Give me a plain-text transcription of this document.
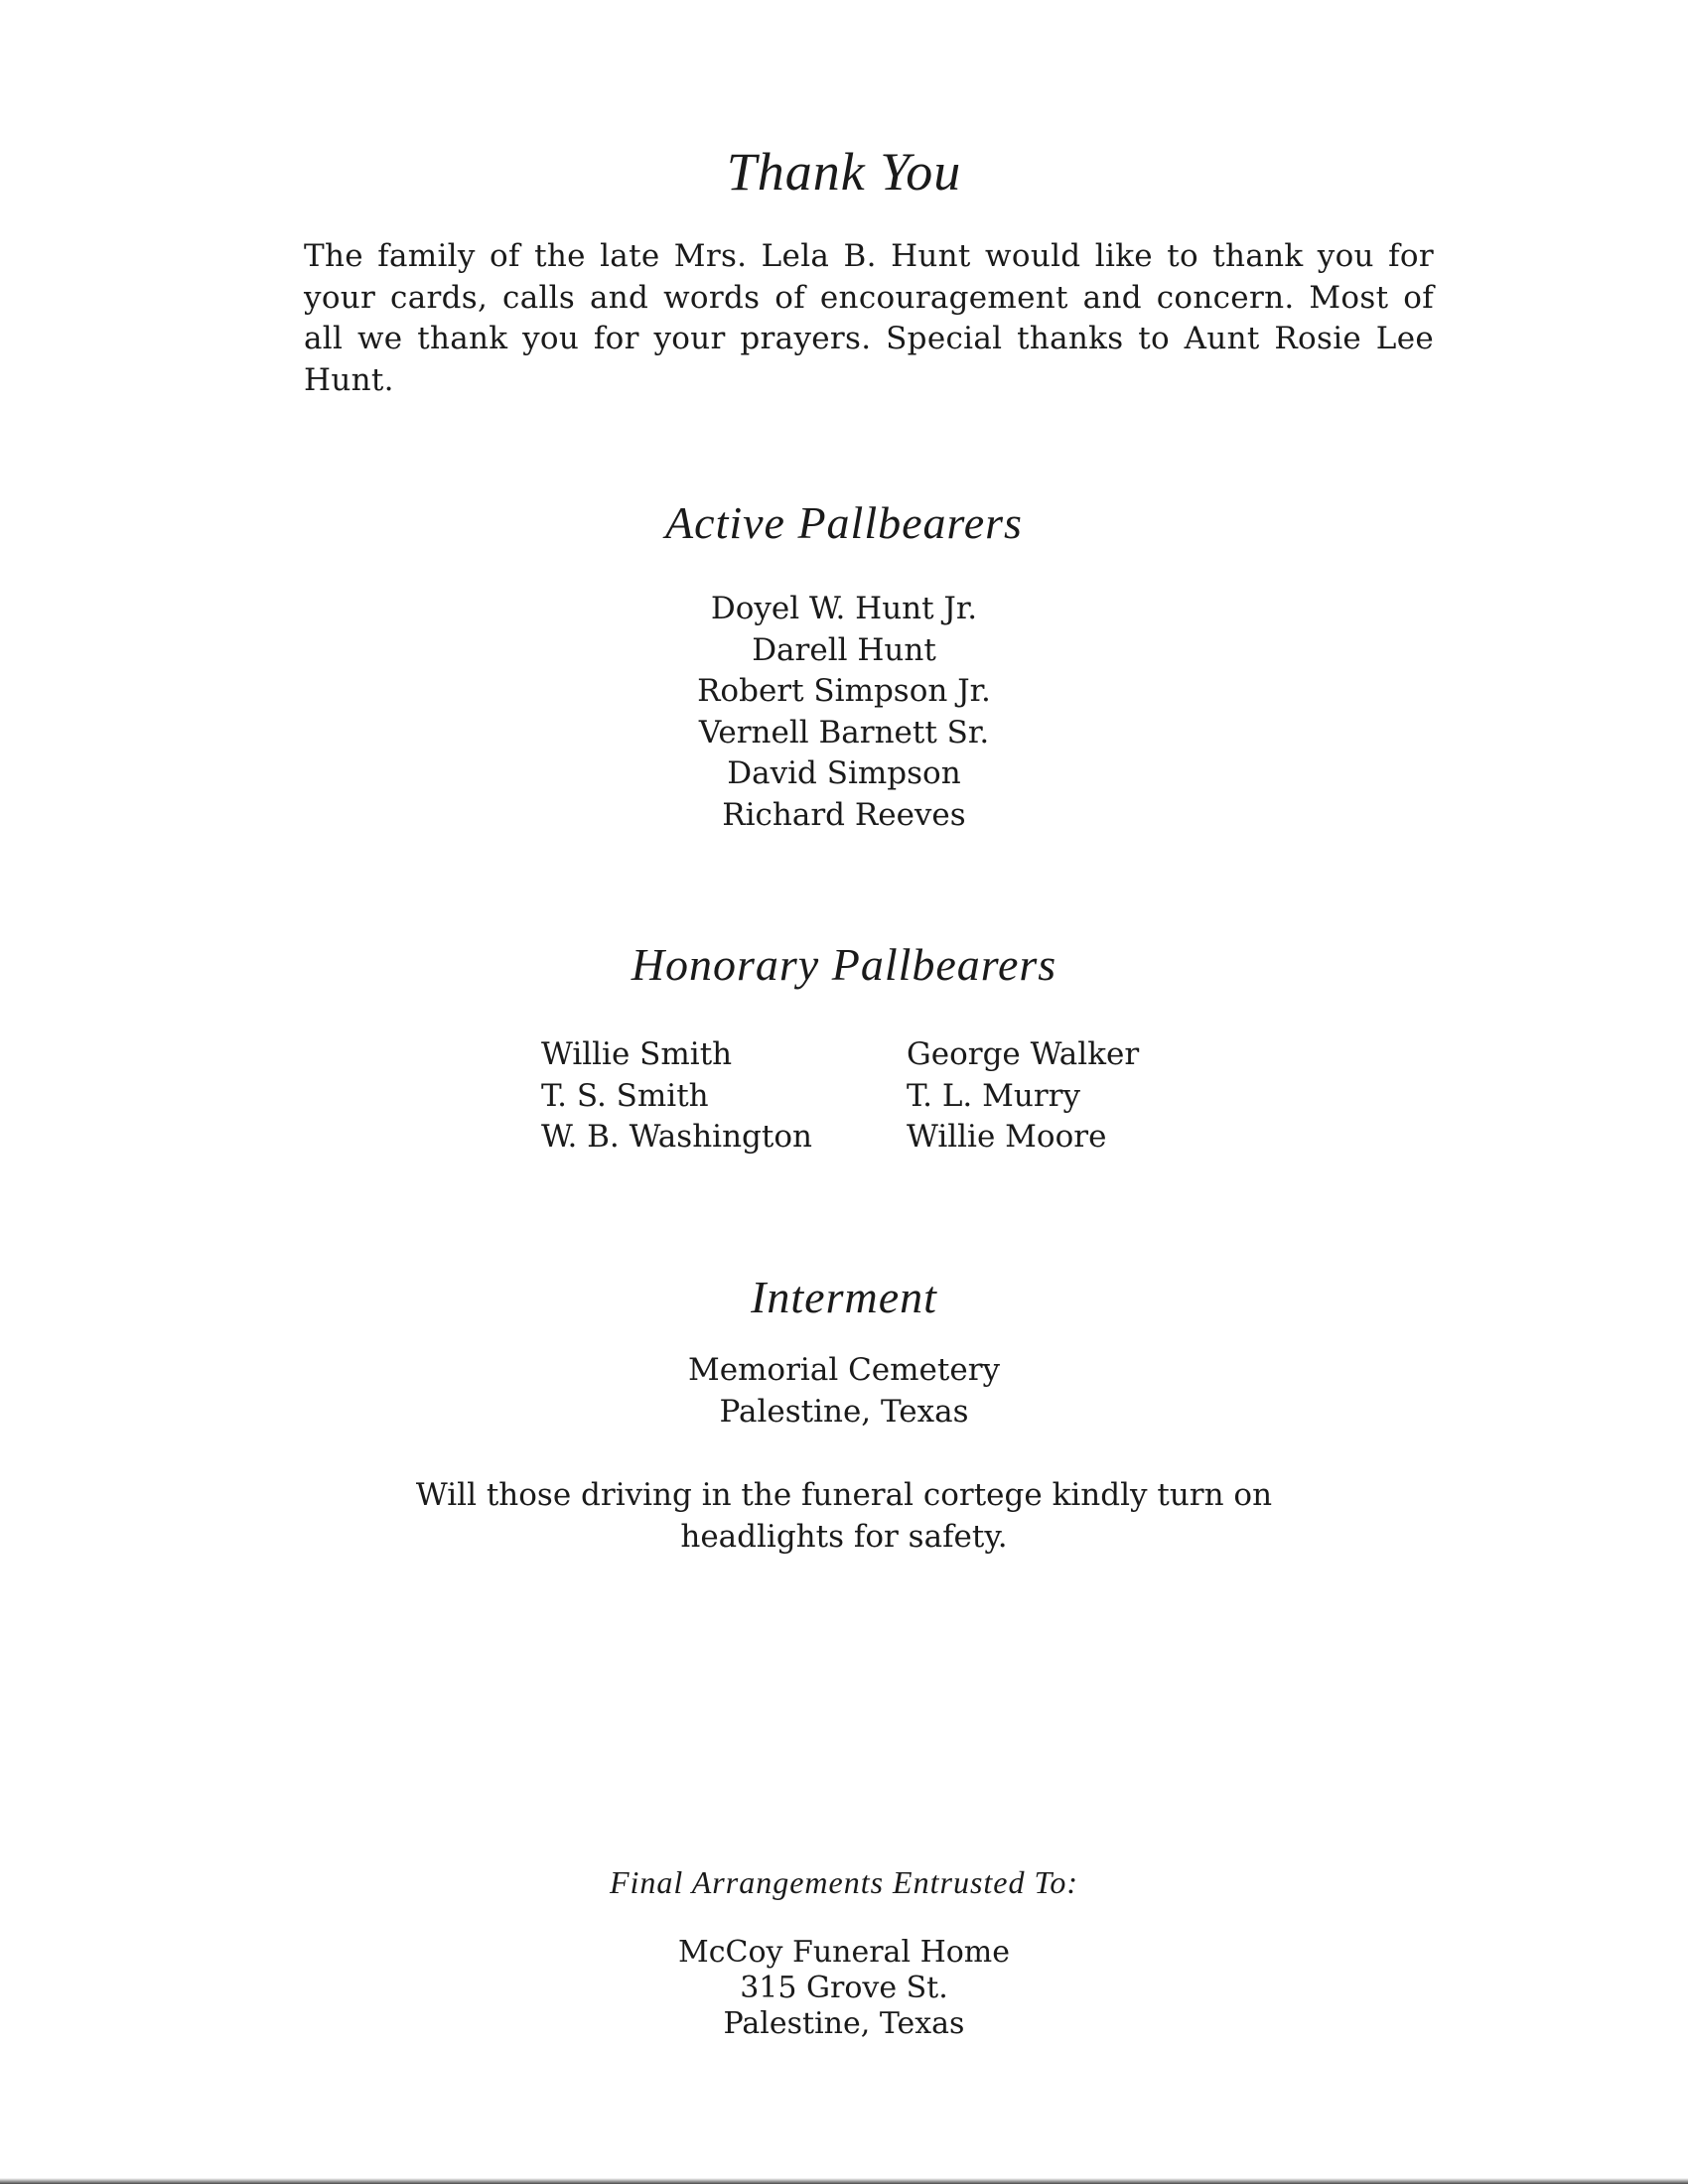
Thank You
The family of the late Mrs. Lela B. Hunt would like to thank you for your cards, calls and words of encouragement and concern. Most of all we thank you for your prayers. Special thanks to Aunt Rosie Lee Hunt.
Active Pallbearers
Doyel W. Hunt Jr.
Darell Hunt
Robert Simpson Jr.
Vernell Barnett Sr.
David Simpson
Richard Reeves
Honorary Pallbearers
Willie Smith
T. S. Smith
W. B. Washington
George Walker
T. L. Murry
Willie Moore
Interment
Memorial Cemetery
Palestine, Texas
Will those driving in the funeral cortege kindly turn on
headlights for safety.
Final Arrangements Entrusted To:
McCoy Funeral Home
315 Grove St.
Palestine, Texas
